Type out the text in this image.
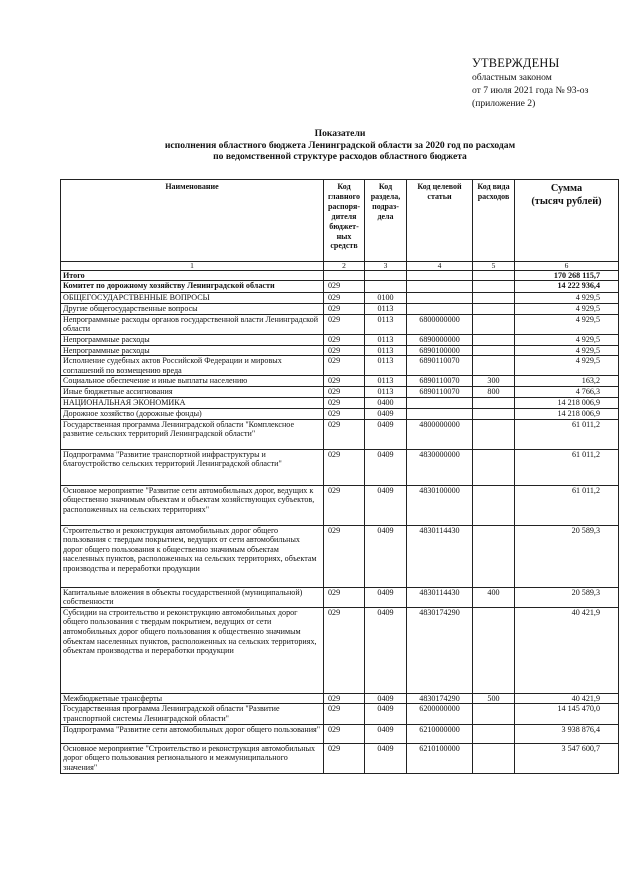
УТВЕРЖДЕНЫ
областным законом
от 7 июля 2021 года № 93-оз
(приложение 2)
Показатели
исполнения областного бюджета Ленинградской области за 2020 год по расходам
по ведомственной структуре расходов областного бюджета
Наименование	Код главного распоря-дителя бюджет-ных средств	Код раздела, подраз-дела	Код целевой статьи	Код вида расходов	Сумма
(тысяч рублей)

1	2	3	4	5	6
Итого					170 268 115,7
Комитет по дорожному хозяйству Ленинградской области	029				14 222 936,4
ОБЩЕГОСУДАРСТВЕННЫЕ ВОПРОСЫ	029	0100			4 929,5
Другие общегосударственные вопросы	029	0113			4 929,5
Непрограммные расходы органов государственной власти Ленинградской области	029	0113	6800000000		4 929,5
Непрограммные расходы	029	0113	6890000000		4 929,5
Непрограммные расходы	029	0113	6890100000		4 929,5
Исполнение судебных актов Российской Федерации и мировых соглашений по возмещению вреда	029	0113	6890110070		4 929,5
Социальное обеспечение и иные выплаты населению	029	0113	6890110070	300	163,2
Иные бюджетные ассигнования	029	0113	6890110070	800	4 766,3
НАЦИОНАЛЬНАЯ ЭКОНОМИКА	029	0400			14 218 006,9
Дорожное хозяйство (дорожные фонды)	029	0409			14 218 006,9
Государственная программа Ленинградской области "Комплексное развитие сельских территорий Ленинградской области"	029	0409	4800000000		61 011,2
Подпрограмма "Развитие транспортной инфраструктуры и благоустройство сельских территорий Ленинградской области"	029	0409	4830000000		61 011,2
Основное мероприятие "Развитие сети автомобильных дорог, ведущих к общественно значимым объектам и объектам хозяйствующих субъектов, расположенных на сельских территориях"	029	0409	4830100000		61 011,2
Строительство и реконструкция автомобильных дорог общего пользования с твердым покрытием, ведущих от сети автомобильных дорог общего пользования к общественно значимым объектам населенных пунктов, расположенных на сельских территориях, объектам производства и переработки продукции	029	0409	4830114430		20 589,3
Капитальные вложения в объекты государственной (муниципальной) собственности	029	0409	4830114430	400	20 589,3
Субсидии на строительство и реконструкцию автомобильных дорог общего пользования с твердым покрытием, ведущих от сети автомобильных дорог общего пользования к общественно значимым объектам населенных пунктов, расположенных на сельских территориях, объектам производства и переработки продукции	029	0409	4830174290		40 421,9
Межбюджетные трансферты	029	0409	4830174290	500	40 421,9
Государственная программа Ленинградской области "Развитие транспортной системы Ленинградской области"	029	0409	6200000000		14 145 470,0
Подпрограмма "Развитие сети автомобильных дорог общего пользования"	029	0409	6210000000		3 938 876,4
Основное мероприятие "Строительство и реконструкция автомобильных дорог общего пользования регионального и межмуниципального значения"	029	0409	6210100000		3 547 600,7
